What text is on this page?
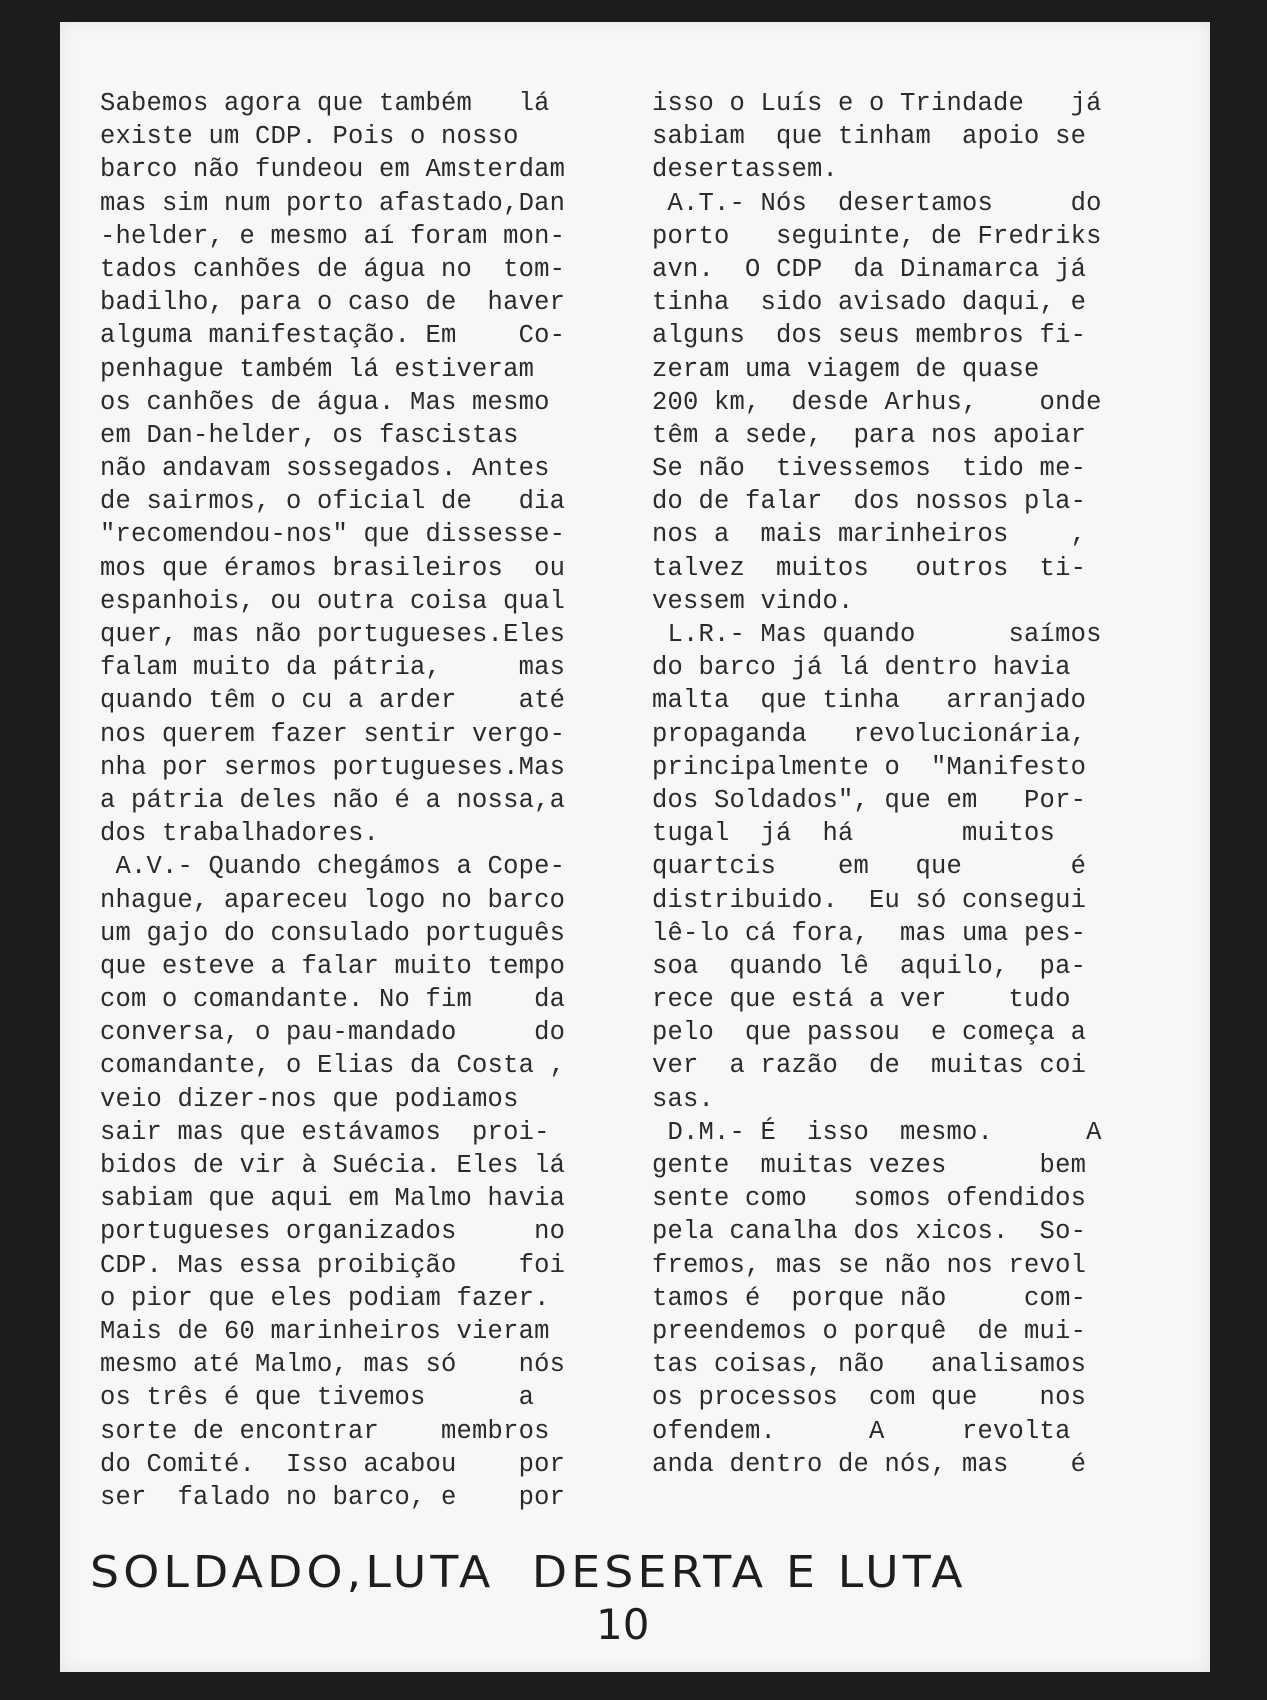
Sabemos agora que também   lá
existe um CDP. Pois o nosso
barco não fundeou em Amsterdam
mas sim num porto afastado,Dan
-helder, e mesmo aí foram mon-
tados canhões de água no  tom-
badilho, para o caso de  haver
alguma manifestação. Em    Co-
penhague também lá estiveram
os canhões de água. Mas mesmo
em Dan-helder, os fascistas
não andavam sossegados. Antes
de sairmos, o oficial de   dia
"recomendou-nos" que dissesse-
mos que éramos brasileiros  ou
espanhois, ou outra coisa qual
quer, mas não portugueses.Eles
falam muito da pátria,     mas
quando têm o cu a arder    até
nos querem fazer sentir vergo-
nha por sermos portugueses.Mas
a pátria deles não é a nossa,a
dos trabalhadores.
A.V.- Quando chegámos a Cope-
nhague, apareceu logo no barco
um gajo do consulado português
que esteve a falar muito tempo
com o comandante. No fim    da
conversa, o pau-mandado     do
comandante, o Elias da Costa ,
veio dizer-nos que podiamos
sair mas que estávamos  proi-
bidos de vir à Suécia. Eles lá
sabiam que aqui em Malmo havia
portugueses organizados     no
CDP. Mas essa proibição    foi
o pior que eles podiam fazer.
Mais de 60 marinheiros vieram
mesmo até Malmo, mas só    nós
os três é que tivemos      a
sorte de encontrar    membros
do Comité.  Isso acabou    por
ser  falado no barco, e    por
isso o Luís e o Trindade   já
sabiam  que tinham  apoio se
desertassem.
A.T.- Nós  desertamos     do
porto   seguinte, de Fredriks
avn.  O CDP  da Dinamarca já
tinha  sido avisado daqui, e
alguns  dos seus membros fi-
zeram uma viagem de quase
200 km,  desde Arhus,    onde
têm a sede,  para nos apoiar
Se não  tivessemos  tido me-
do de falar  dos nossos pla-
nos a  mais marinheiros    ,
talvez  muitos   outros  ti-
vessem vindo.
L.R.- Mas quando      saímos
do barco já lá dentro havia
malta  que tinha   arranjado
propaganda   revolucionária,
principalmente o  "Manifesto
dos Soldados", que em   Por-
tugal  já  há       muitos
quartcis    em   que       é
distribuido.  Eu só consegui
lê-lo cá fora,  mas uma pes-
soa  quando lê  aquilo,  pa-
rece que está a ver    tudo
pelo  que passou  e começa a
ver  a razão  de  muitas coi
sas.
D.M.- É  isso  mesmo.      A
gente  muitas vezes      bem
sente como   somos ofendidos
pela canalha dos xicos.  So-
fremos, mas se não nos revol
tamos é  porque não     com-
preendemos o porquê  de mui-
tas coisas, não   analisamos
os processos  com que    nos
ofendem.      A     revolta
anda dentro de nós, mas    é
SOLDADO,LUTA  DESERTA E LUTA
10
